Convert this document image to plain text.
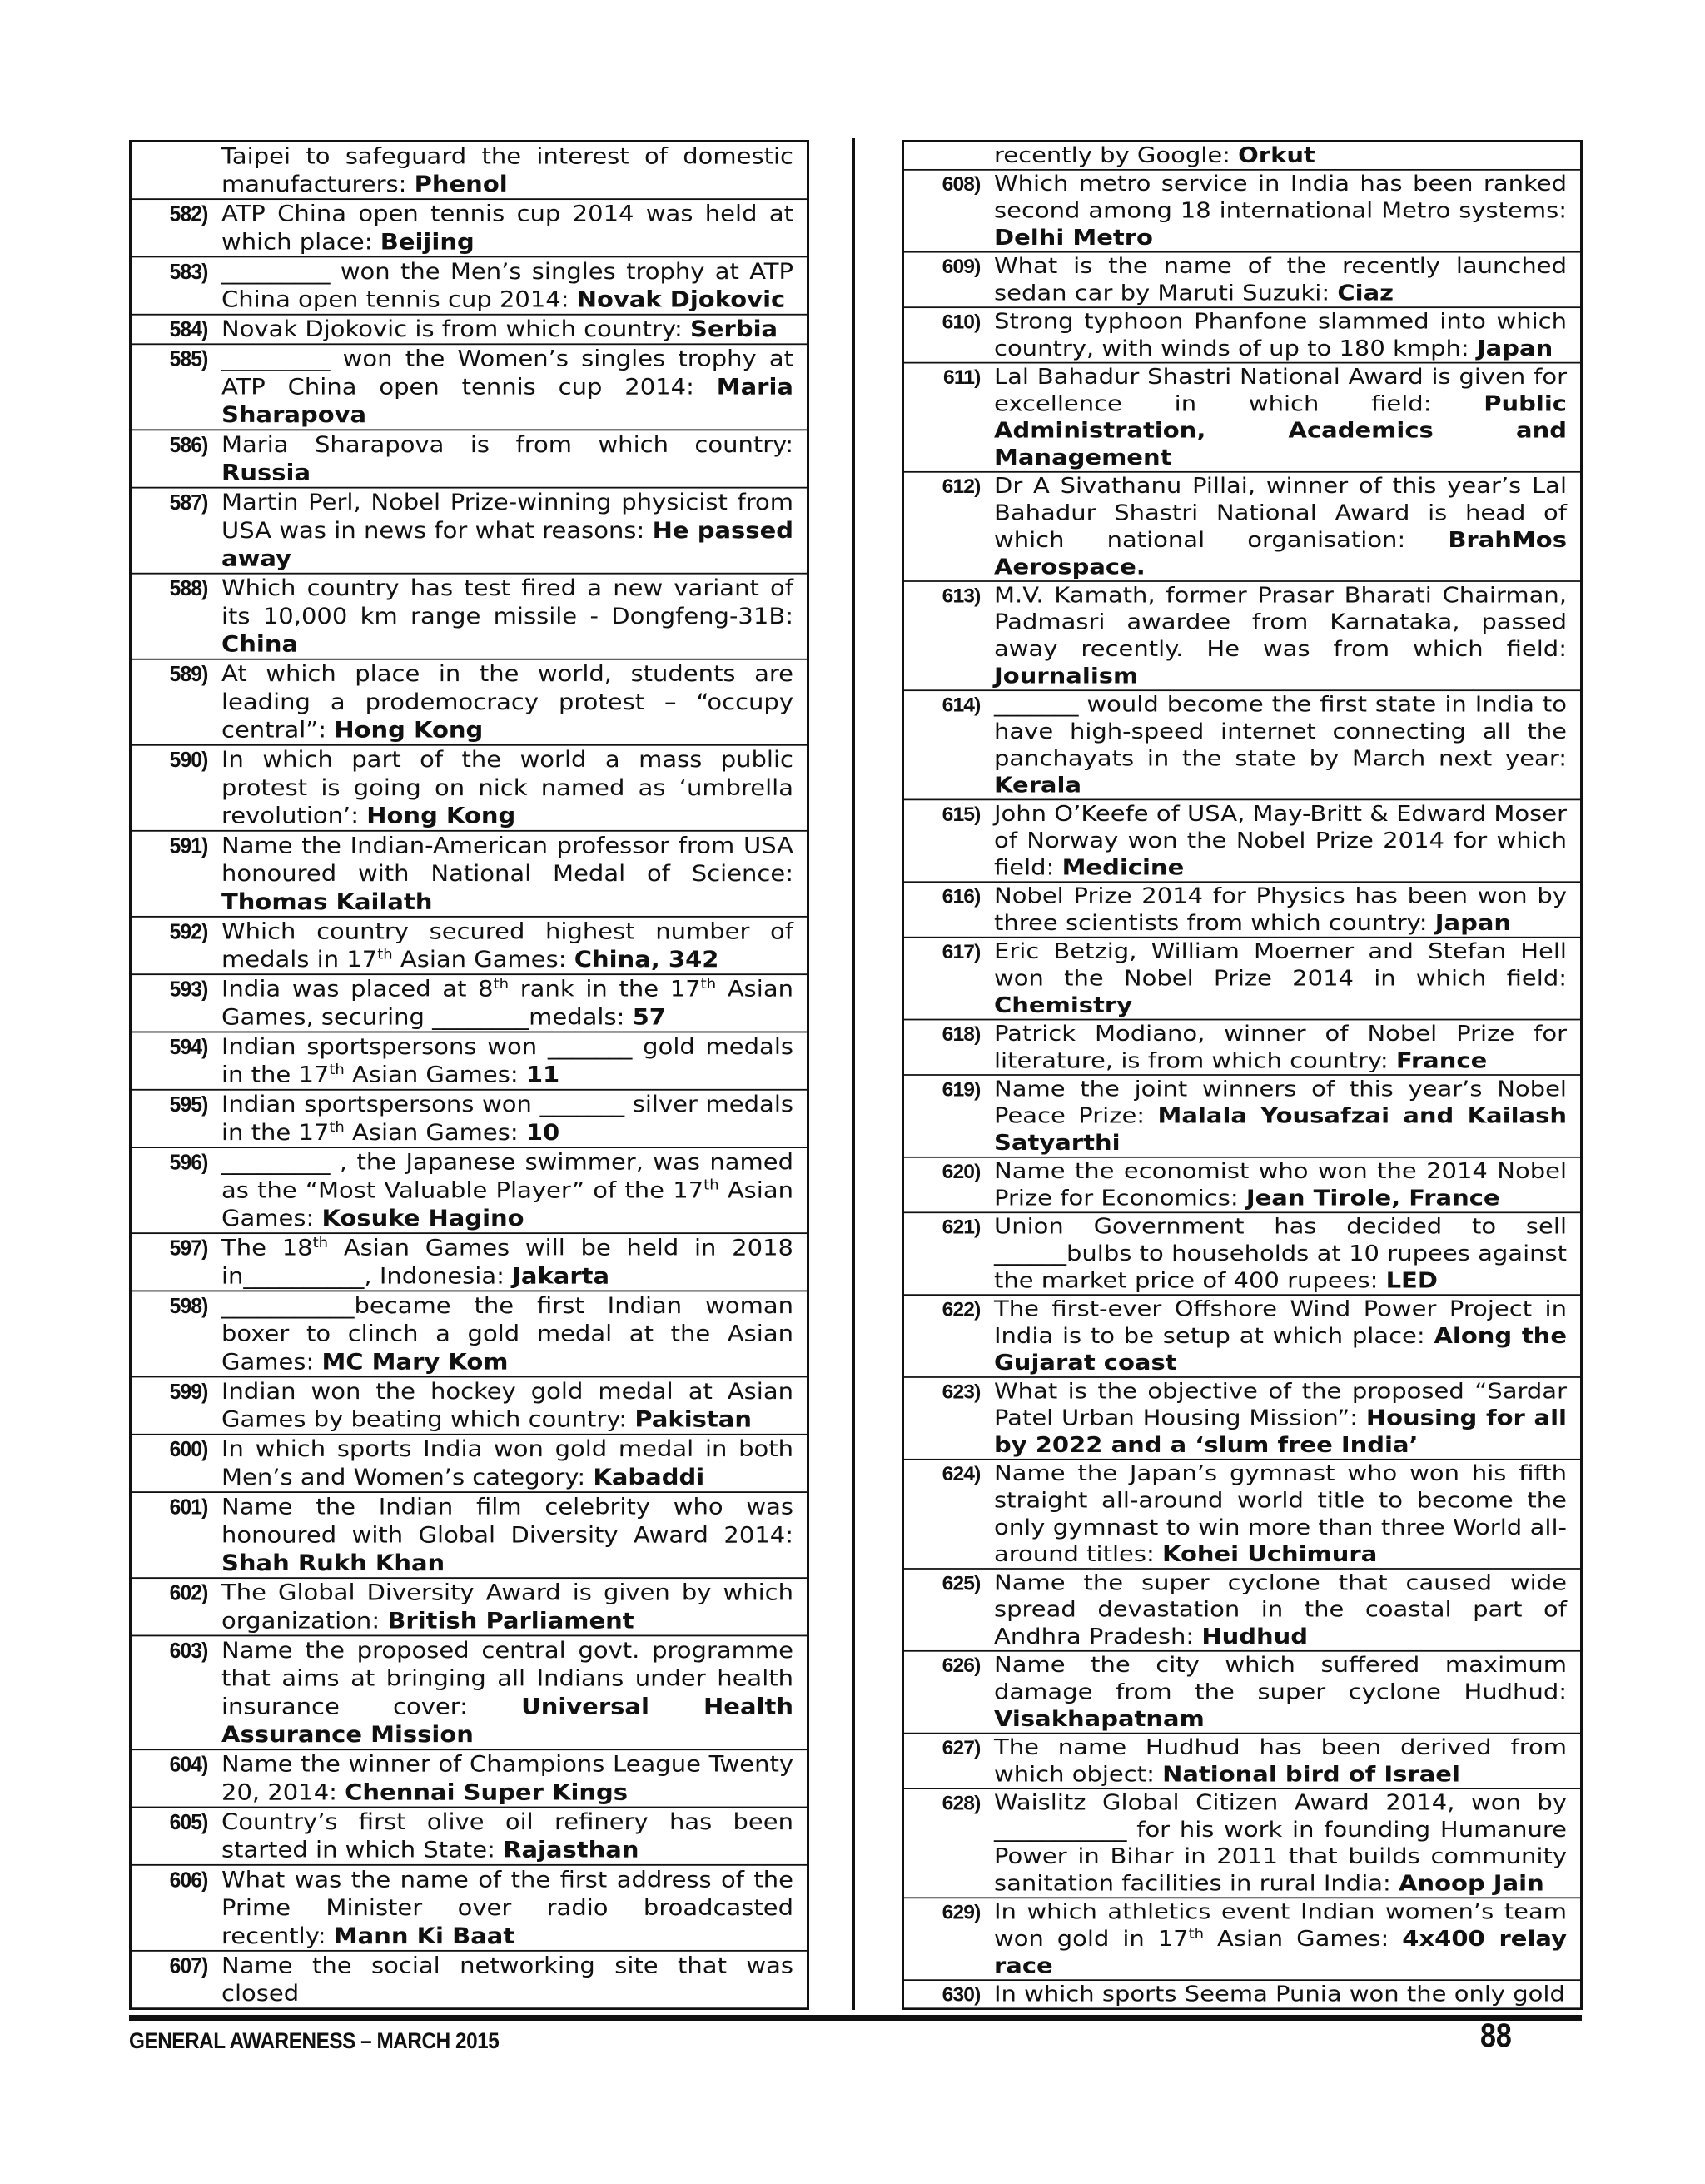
	Taipei to safeguard the interest of domestic manufacturers: Phenol
582)	ATP China open tennis cup 2014 was held at which place: Beijing
583)	_________ won the Men’s singles trophy at ATP China open tennis cup 2014: Novak Djokovic
584)	Novak Djokovic is from which country: Serbia
585)	_________ won the Women’s singles trophy at ATP China open tennis cup 2014: Maria Sharapova
586)	Maria Sharapova is from which country: Russia
587)	Martin Perl, Nobel Prize-winning physicist from USA was in news for what reasons: He passed away
588)	Which country has test fired a new variant of its 10,000 km range missile - Dongfeng-31B: China
589)	At which place in the world, students are leading a prodemocracy protest – “occupy central”: Hong Kong
590)	In which part of the world a mass public protest is going on nick named as ‘umbrella revolution’: Hong Kong
591)	Name the Indian-American professor from USA honoured with National Medal of Science: Thomas Kailath
592)	Which country secured highest number of medals in 17th Asian Games: China, 342
593)	India was placed at 8th rank in the 17th Asian Games, securing ________medals: 57
594)	Indian sportspersons won _______ gold medals in the 17th Asian Games: 11
595)	Indian sportspersons won _______ silver medals in the 17th Asian Games: 10
596)	_________ , the Japanese swimmer, was named as the “Most Valuable Player” of the 17th Asian Games: Kosuke Hagino
597)	The 18th Asian Games will be held in 2018 in__________, Indonesia: Jakarta
598)	___________became the first Indian woman boxer to clinch a gold medal at the Asian Games: MC Mary Kom
599)	Indian won the hockey gold medal at Asian Games by beating which country: Pakistan
600)	In which sports India won gold medal in both Men’s and Women’s category: Kabaddi
601)	Name the Indian film celebrity who was honoured with Global Diversity Award 2014: Shah Rukh Khan
602)	The Global Diversity Award is given by which organization: British Parliament
603)	Name the proposed central govt. programme that aims at bringing all Indians under health insurance cover: Universal Health Assurance Mission
604)	Name the winner of Champions League Twenty 20, 2014: Chennai Super Kings
605)	Country’s first olive oil refinery has been started in which State: Rajasthan
606)	What was the name of the first address of the Prime Minister over radio broadcasted recently: Mann Ki Baat
607)	Name the social networking site that was closed
	recently by Google: Orkut
608)	Which metro service in India has been ranked second among 18 international Metro systems: Delhi Metro
609)	What is the name of the recently launched sedan car by Maruti Suzuki: Ciaz
610)	Strong typhoon Phanfone slammed into which country, with winds of up to 180 kmph: Japan
611)	Lal Bahadur Shastri National Award is given for excellence in which field: Public Administration, Academics and Management
612)	Dr A Sivathanu Pillai, winner of this year’s Lal Bahadur Shastri National Award is head of which national organisation: BrahMos Aerospace.
613)	M.V. Kamath, former Prasar Bharati Chairman, Padmasri awardee from Karnataka, passed away recently. He was from which field: Journalism
614)	_______ would become the first state in India to have high-speed internet connecting all the panchayats in the state by March next year: Kerala
615)	John O’Keefe of USA, May-Britt & Edward Moser of Norway won the Nobel Prize 2014 for which field: Medicine
616)	Nobel Prize 2014 for Physics has been won by three scientists from which country: Japan
617)	Eric Betzig, William Moerner and Stefan Hell won the Nobel Prize 2014 in which field: Chemistry
618)	Patrick Modiano, winner of Nobel Prize for literature, is from which country: France
619)	Name the joint winners of this year’s Nobel Peace Prize: Malala Yousafzai and Kailash Satyarthi
620)	Name the economist who won the 2014 Nobel Prize for Economics: Jean Tirole, France
621)	Union Government has decided to sell ______bulbs to households at 10 rupees against the market price of 400 rupees: LED
622)	The first-ever Offshore Wind Power Project in India is to be setup at which place: Along the Gujarat coast
623)	What is the objective of the proposed “Sardar Patel Urban Housing Mission”: Housing for all by 2022 and a ‘slum free India’
624)	Name the Japan’s gymnast who won his fifth straight all-around world title to become the only gymnast to win more than three World all-around titles: Kohei Uchimura
625)	Name the super cyclone that caused wide spread devastation in the coastal part of Andhra Pradesh: Hudhud
626)	Name the city which suffered maximum damage from the super cyclone Hudhud: Visakhapatnam
627)	The name Hudhud has been derived from which object: National bird of Israel
628)	Waislitz Global Citizen Award 2014, won by ___________ for his work in founding Humanure Power in Bihar in 2011 that builds community sanitation facilities in rural India: Anoop Jain
629)	In which athletics event Indian women’s team won gold in 17th Asian Games: 4x400 relay race
630)	In which sports Seema Punia won the only gold
GENERAL AWARENESS – MARCH 2015	88
